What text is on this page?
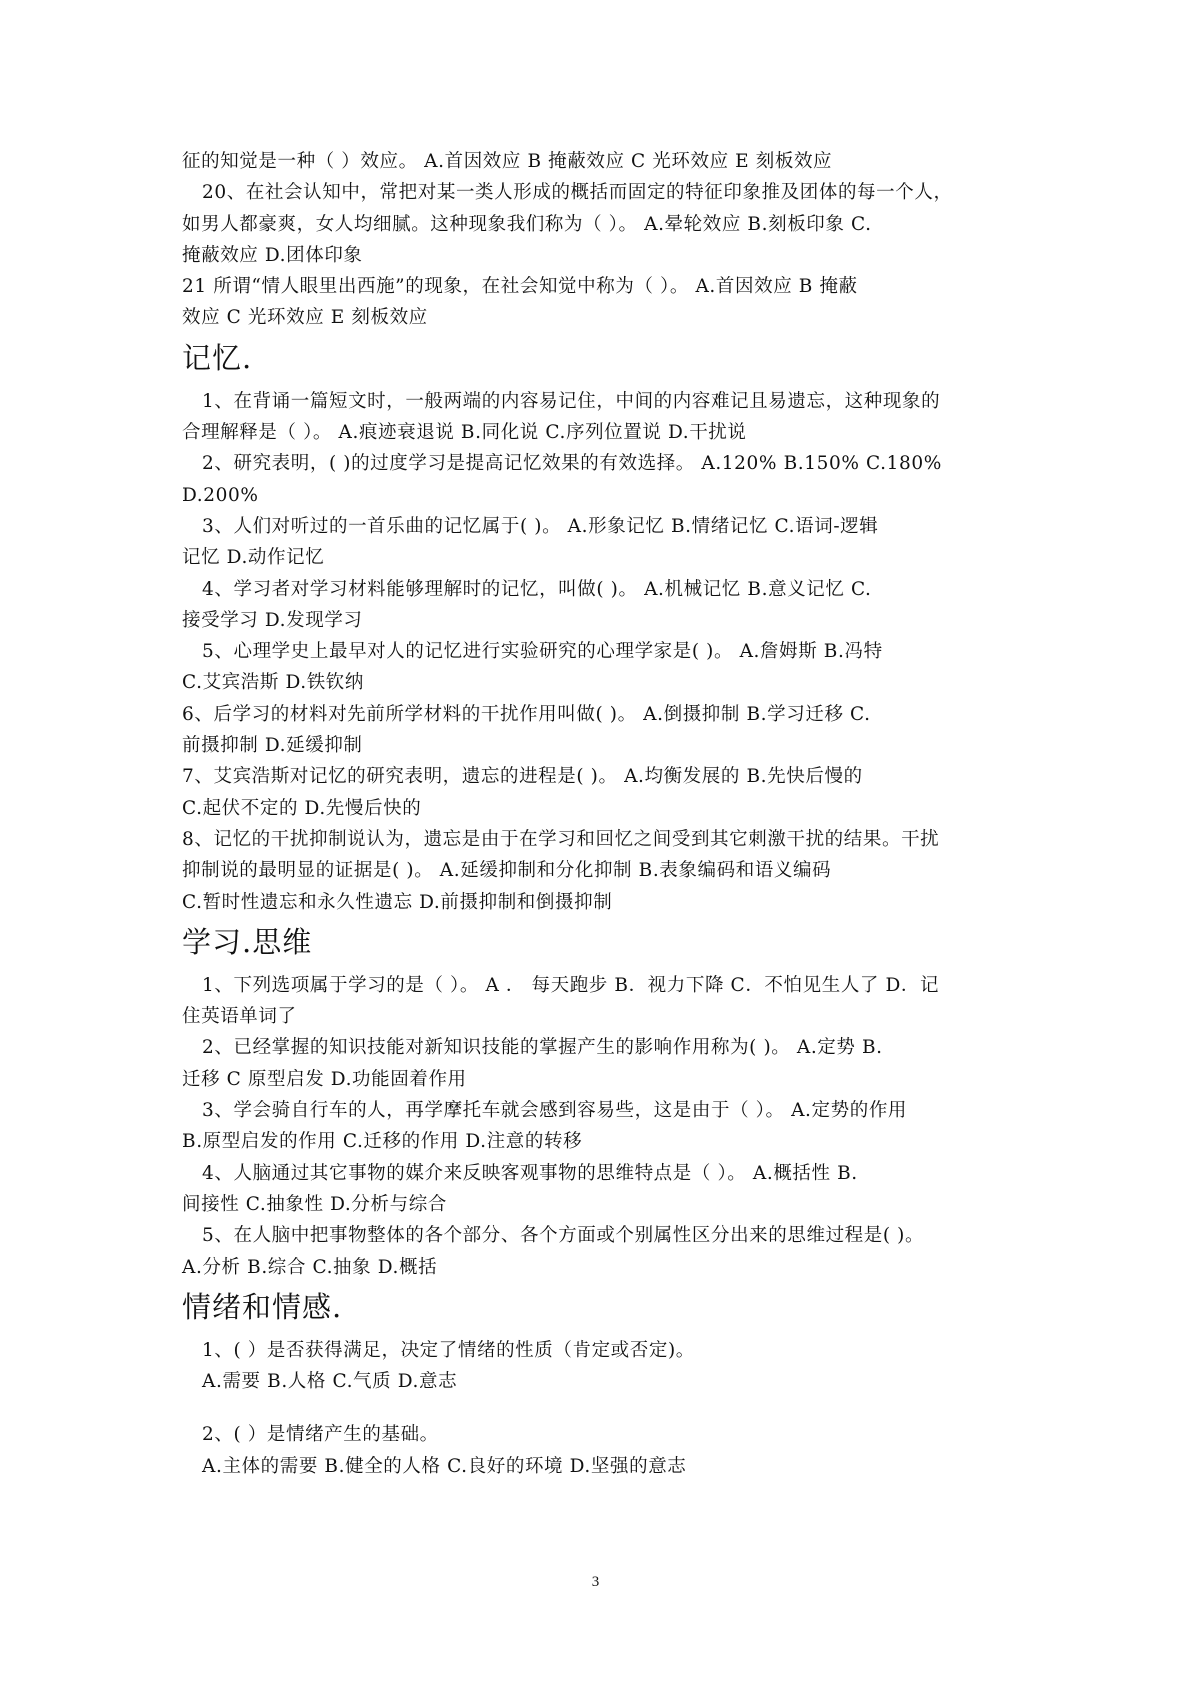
征的知觉是一种（ ）效应。 A.首因效应 B 掩蔽效应 C 光环效应 E 刻板效应
20、在社会认知中，常把对某一类人形成的概括而固定的特征印象推及团体的每一个人，
如男人都豪爽，女人均细腻。这种现象我们称为（ ）。 A.晕轮效应 B.刻板印象 C.
掩蔽效应 D.团体印象
21 所谓“情人眼里出西施”的现象，在社会知觉中称为（ ）。 A.首因效应 B 掩蔽
效应 C 光环效应 E 刻板效应
记忆.
1、在背诵一篇短文时，一般两端的内容易记住，中间的内容难记且易遗忘，这种现象的
合理解释是（ ）。 A.痕迹衰退说 B.同化说 C.序列位置说 D.干扰说
2、研究表明，( )的过度学习是提高记忆效果的有效选择。 A.120% B.150% C.180%
D.200%
3、人们对听过的一首乐曲的记忆属于( )。 A.形象记忆 B.情绪记忆 C.语词-逻辑
记忆 D.动作记忆
4、学习者对学习材料能够理解时的记忆，叫做( )。 A.机械记忆 B.意义记忆 C.
接受学习 D.发现学习
5、心理学史上最早对人的记忆进行实验研究的心理学家是( )。 A.詹姆斯 B.冯特
C.艾宾浩斯 D.铁钦纳
6、后学习的材料对先前所学材料的干扰作用叫做( )。 A.倒摄抑制 B.学习迁移 C.
前摄抑制 D.延缓抑制
7、艾宾浩斯对记忆的研究表明，遗忘的进程是( )。 A.均衡发展的 B.先快后慢的
C.起伏不定的 D.先慢后快的
8、记忆的干扰抑制说认为，遗忘是由于在学习和回忆之间受到其它刺激干扰的结果。干扰
抑制说的最明显的证据是( )。 A.延缓抑制和分化抑制 B.表象编码和语义编码
C.暂时性遗忘和永久性遗忘 D.前摄抑制和倒摄抑制
学习.思维
1、下列选项属于学习的是（ ）。 A ． 每天跑步 B．视力下降 C．不怕见生人了 D．记
住英语单词了
2、已经掌握的知识技能对新知识技能的掌握产生的影响作用称为( )。 A.定势 B.
迁移 C 原型启发 D.功能固着作用
3、学会骑自行车的人，再学摩托车就会感到容易些，这是由于（ ）。 A.定势的作用
B.原型启发的作用 C.迁移的作用 D.注意的转移
4、人脑通过其它事物的媒介来反映客观事物的思维特点是（ ）。 A.概括性 B.
间接性 C.抽象性 D.分析与综合
5、在人脑中把事物整体的各个部分、各个方面或个别属性区分出来的思维过程是( )。
A.分析 B.综合 C.抽象 D.概括
情绪和情感.
1、( ）是否获得满足，决定了情绪的性质（肯定或否定)。
A.需要 B.人格 C.气质 D.意志
2、( ）是情绪产生的基础。
A.主体的需要 B.健全的人格 C.良好的环境 D.坚强的意志
3
